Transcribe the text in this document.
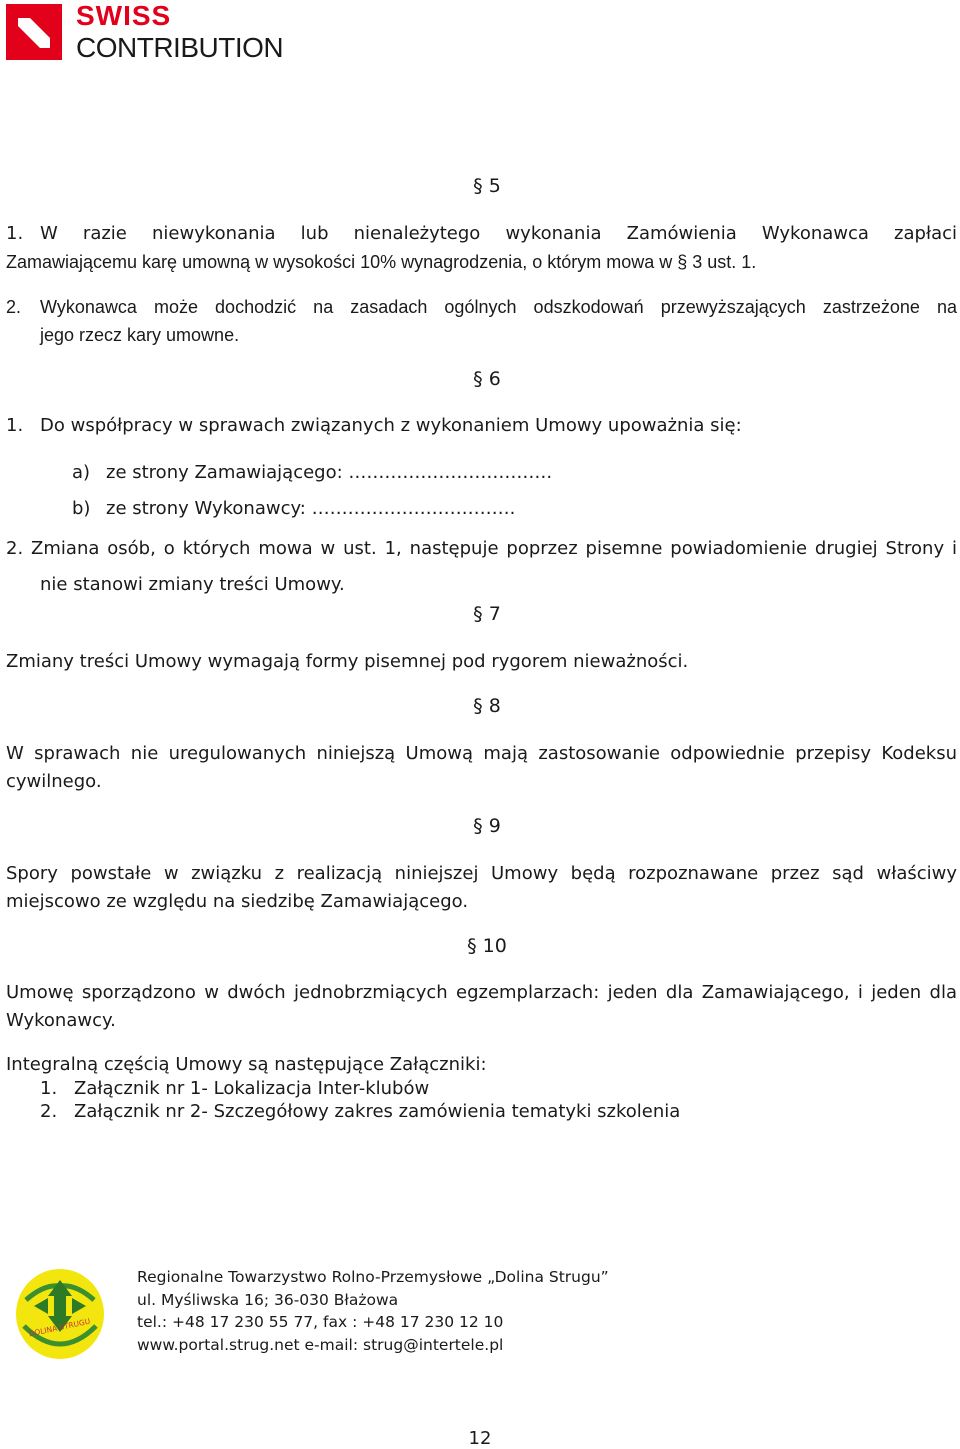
SWISS
CONTRIBUTION
§ 5
1. W razie niewykonania lub nienależytego wykonania Zamówienia Wykonawca zapłaci
Zamawiającemu karę umowną w wysokości 10% wynagrodzenia, o którym mowa w § 3 ust. 1.
2. Wykonawca może dochodzić na zasadach ogólnych odszkodowań przewyższających zastrzeżone na
jego rzecz kary umowne.
§ 6
1. Do współpracy w sprawach związanych z wykonaniem Umowy upoważnia się:
a) ze strony Zamawiającego: …………………………….
b) ze strony Wykonawcy: …………………………….
2. Zmiana osób, o których mowa w ust. 1, następuje poprzez pisemne powiadomienie drugiej Strony i
nie stanowi zmiany treści Umowy.
§ 7
Zmiany treści Umowy wymagają formy pisemnej pod rygorem nieważności.
§ 8
W sprawach nie uregulowanych niniejszą Umową mają zastosowanie odpowiednie przepisy Kodeksu
cywilnego.
§ 9
Spory powstałe w związku z realizacją niniejszej Umowy będą rozpoznawane przez sąd właściwy
miejscowo ze względu na siedzibę Zamawiającego.
§ 10
Umowę sporządzono w dwóch jednobrzmiących egzemplarzach: jeden dla Zamawiającego, i jeden dla
Wykonawcy.
Integralną częścią Umowy są następujące Załączniki:
1. Załącznik nr 1- Lokalizacja Inter-klubów
2. Załącznik nr 2- Szczegółowy zakres zamówienia tematyki szkolenia
DOLINA STRUGU
Regionalne Towarzystwo Rolno-Przemysłowe „Dolina Strugu”
ul. Myśliwska 16; 36-030 Błażowa
tel.: +48 17 230 55 77, fax : +48 17 230 12 10
www.portal.strug.net e-mail: strug@intertele.pl
12
